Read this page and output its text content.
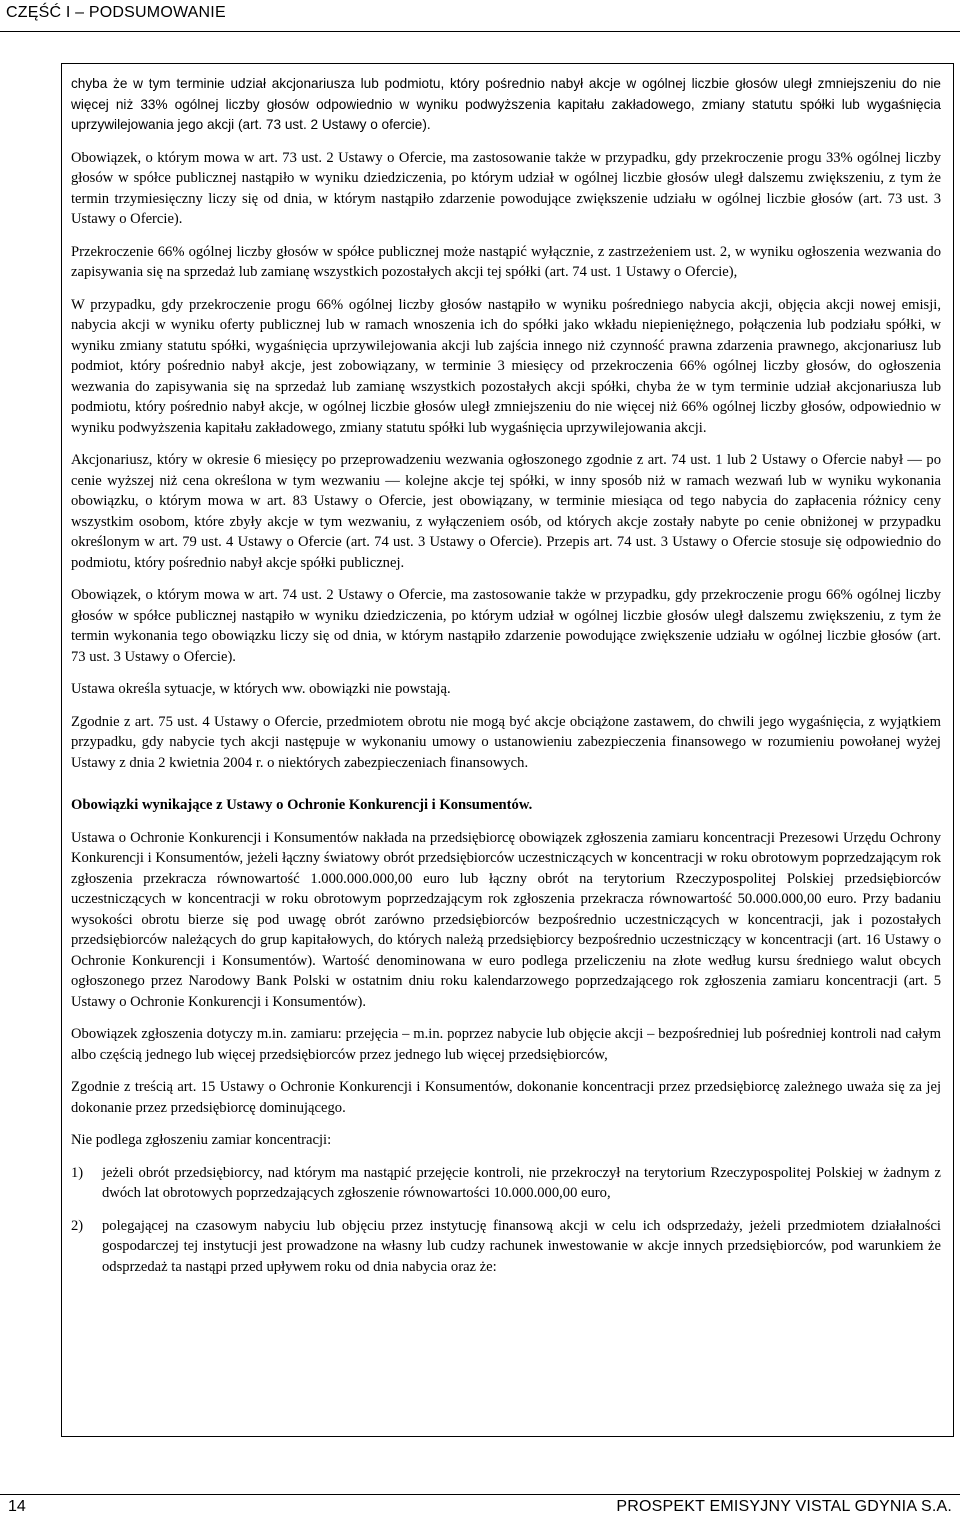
CZĘŚĆ I – PODSUMOWANIE

chyba że w tym terminie udział akcjonariusza lub podmiotu, który pośrednio nabył akcje w ogólnej liczbie głosów uległ zmniejszeniu do nie więcej niż 33% ogólnej liczby głosów odpowiednio w wyniku podwyższenia kapitału zakładowego, zmiany statutu spółki lub wygaśnięcia uprzywilejowania jego akcji (art. 73 ust. 2 Ustawy o ofercie).

Obowiązek, o którym mowa w art. 73 ust. 2 Ustawy o Ofercie, ma zastosowanie także w przypadku, gdy przekroczenie progu 33% ogólnej liczby głosów w spółce publicznej nastąpiło w wyniku dziedziczenia, po którym udział w ogólnej liczbie głosów uległ dalszemu zwiększeniu, z tym że termin trzymiesięczny liczy się od dnia, w którym nastąpiło zdarzenie powodujące zwiększenie udziału w ogólnej liczbie głosów (art. 73 ust. 3 Ustawy o Ofercie).

Przekroczenie 66% ogólnej liczby głosów w spółce publicznej może nastąpić wyłącznie, z zastrzeżeniem ust. 2, w wyniku ogłoszenia wezwania do zapisywania się na sprzedaż lub zamianę wszystkich pozostałych akcji tej spółki (art. 74 ust. 1 Ustawy o Ofercie),

W przypadku, gdy przekroczenie progu 66% ogólnej liczby głosów nastąpiło w wyniku pośredniego nabycia akcji, objęcia akcji nowej emisji, nabycia akcji w wyniku oferty publicznej lub w ramach wnoszenia ich do spółki jako wkładu niepieniężnego, połączenia lub podziału spółki, w wyniku zmiany statutu spółki, wygaśnięcia uprzywilejowania akcji lub zajścia innego niż czynność prawna zdarzenia prawnego, akcjonariusz lub podmiot, który pośrednio nabył akcje, jest zobowiązany, w terminie 3 miesięcy od przekroczenia 66% ogólnej liczby głosów, do ogłoszenia wezwania do zapisywania się na sprzedaż lub zamianę wszystkich pozostałych akcji spółki, chyba że w tym terminie udział akcjonariusza lub podmiotu, który pośrednio nabył akcje, w ogólnej liczbie głosów uległ zmniejszeniu do nie więcej niż 66% ogólnej liczby głosów, odpowiednio w wyniku podwyższenia kapitału zakładowego, zmiany statutu spółki lub wygaśnięcia uprzywilejowania akcji.

Akcjonariusz, który w okresie 6 miesięcy po przeprowadzeniu wezwania ogłoszonego zgodnie z art. 74 ust. 1 lub 2 Ustawy o Ofercie nabył — po cenie wyższej niż cena określona w tym wezwaniu — kolejne akcje tej spółki, w inny sposób niż w ramach wezwań lub w wyniku wykonania obowiązku, o którym mowa w art. 83 Ustawy o Ofercie, jest obowiązany, w terminie miesiąca od tego nabycia do zapłacenia różnicy ceny wszystkim osobom, które zbyły akcje w tym wezwaniu, z wyłączeniem osób, od których akcje zostały nabyte po cenie obniżonej w przypadku określonym w art. 79 ust. 4 Ustawy o Ofercie (art. 74 ust. 3 Ustawy o Ofercie). Przepis art. 74 ust. 3 Ustawy o Ofercie stosuje się odpowiednio do podmiotu, który pośrednio nabył akcje spółki publicznej.

Obowiązek, o którym mowa w art. 74 ust. 2 Ustawy o Ofercie, ma zastosowanie także w przypadku, gdy przekroczenie progu 66% ogólnej liczby głosów w spółce publicznej nastąpiło w wyniku dziedziczenia, po którym udział w ogólnej liczbie głosów uległ dalszemu zwiększeniu, z tym że termin wykonania tego obowiązku liczy się od dnia, w którym nastąpiło zdarzenie powodujące zwiększenie udziału w ogólnej liczbie głosów (art. 73 ust. 3 Ustawy o Ofercie).

Ustawa określa sytuacje, w których ww. obowiązki nie powstają.

Zgodnie z art. 75 ust. 4 Ustawy o Ofercie, przedmiotem obrotu nie mogą być akcje obciążone zastawem, do chwili jego wygaśnięcia, z wyjątkiem przypadku, gdy nabycie tych akcji następuje w wykonaniu umowy o ustanowieniu zabezpieczenia finansowego w rozumieniu powołanej wyżej Ustawy z dnia 2 kwietnia 2004 r. o niektórych zabezpieczeniach finansowych.

Obowiązki wynikające z Ustawy o Ochronie Konkurencji i Konsumentów.

Ustawa o Ochronie Konkurencji i Konsumentów nakłada na przedsiębiorcę obowiązek zgłoszenia zamiaru koncentracji Prezesowi Urzędu Ochrony Konkurencji i Konsumentów, jeżeli łączny światowy obrót przedsiębiorców uczestniczących w koncentracji w roku obrotowym poprzedzającym rok zgłoszenia przekracza równowartość 1.000.000.000,00 euro lub łączny obrót na terytorium Rzeczypospolitej Polskiej przedsiębiorców uczestniczących w koncentracji w roku obrotowym poprzedzającym rok zgłoszenia przekracza równowartość 50.000.000,00 euro. Przy badaniu wysokości obrotu bierze się pod uwagę obrót zarówno przedsiębiorców bezpośrednio uczestniczących w koncentracji, jak i pozostałych przedsiębiorców należących do grup kapitałowych, do których należą przedsiębiorcy bezpośrednio uczestniczący w koncentracji (art. 16 Ustawy o Ochronie Konkurencji i Konsumentów). Wartość denominowana w euro podlega przeliczeniu na złote według kursu średniego walut obcych ogłoszonego przez Narodowy Bank Polski w ostatnim dniu roku kalendarzowego poprzedzającego rok zgłoszenia zamiaru koncentracji (art. 5 Ustawy o Ochronie Konkurencji i Konsumentów).

Obowiązek zgłoszenia dotyczy m.in. zamiaru: przejęcia – m.in. poprzez nabycie lub objęcie akcji – bezpośredniej lub pośredniej kontroli nad całym albo częścią jednego lub więcej przedsiębiorców przez jednego lub więcej przedsiębiorców,

Zgodnie z treścią art. 15 Ustawy o Ochronie Konkurencji i Konsumentów, dokonanie koncentracji przez przedsiębiorcę zależnego uważa się za jej dokonanie przez przedsiębiorcę dominującego.

Nie podlega zgłoszeniu zamiar koncentracji:

1)	jeżeli obrót przedsiębiorcy, nad którym ma nastąpić przejęcie kontroli, nie przekroczył na terytorium Rzeczypospolitej Polskiej w żadnym z dwóch lat obrotowych poprzedzających zgłoszenie równowartości 10.000.000,00 euro,
2)	polegającej na czasowym nabyciu lub objęciu przez instytucję finansową akcji w celu ich odsprzedaży, jeżeli przedmiotem działalności gospodarczej tej instytucji jest prowadzone na własny lub cudzy rachunek inwestowanie w akcje innych przedsiębiorców, pod warunkiem że odsprzedaż ta nastąpi przed upływem roku od dnia nabycia oraz że:
14	PROSPEKT EMISYJNY VISTAL GDYNIA S.A.
